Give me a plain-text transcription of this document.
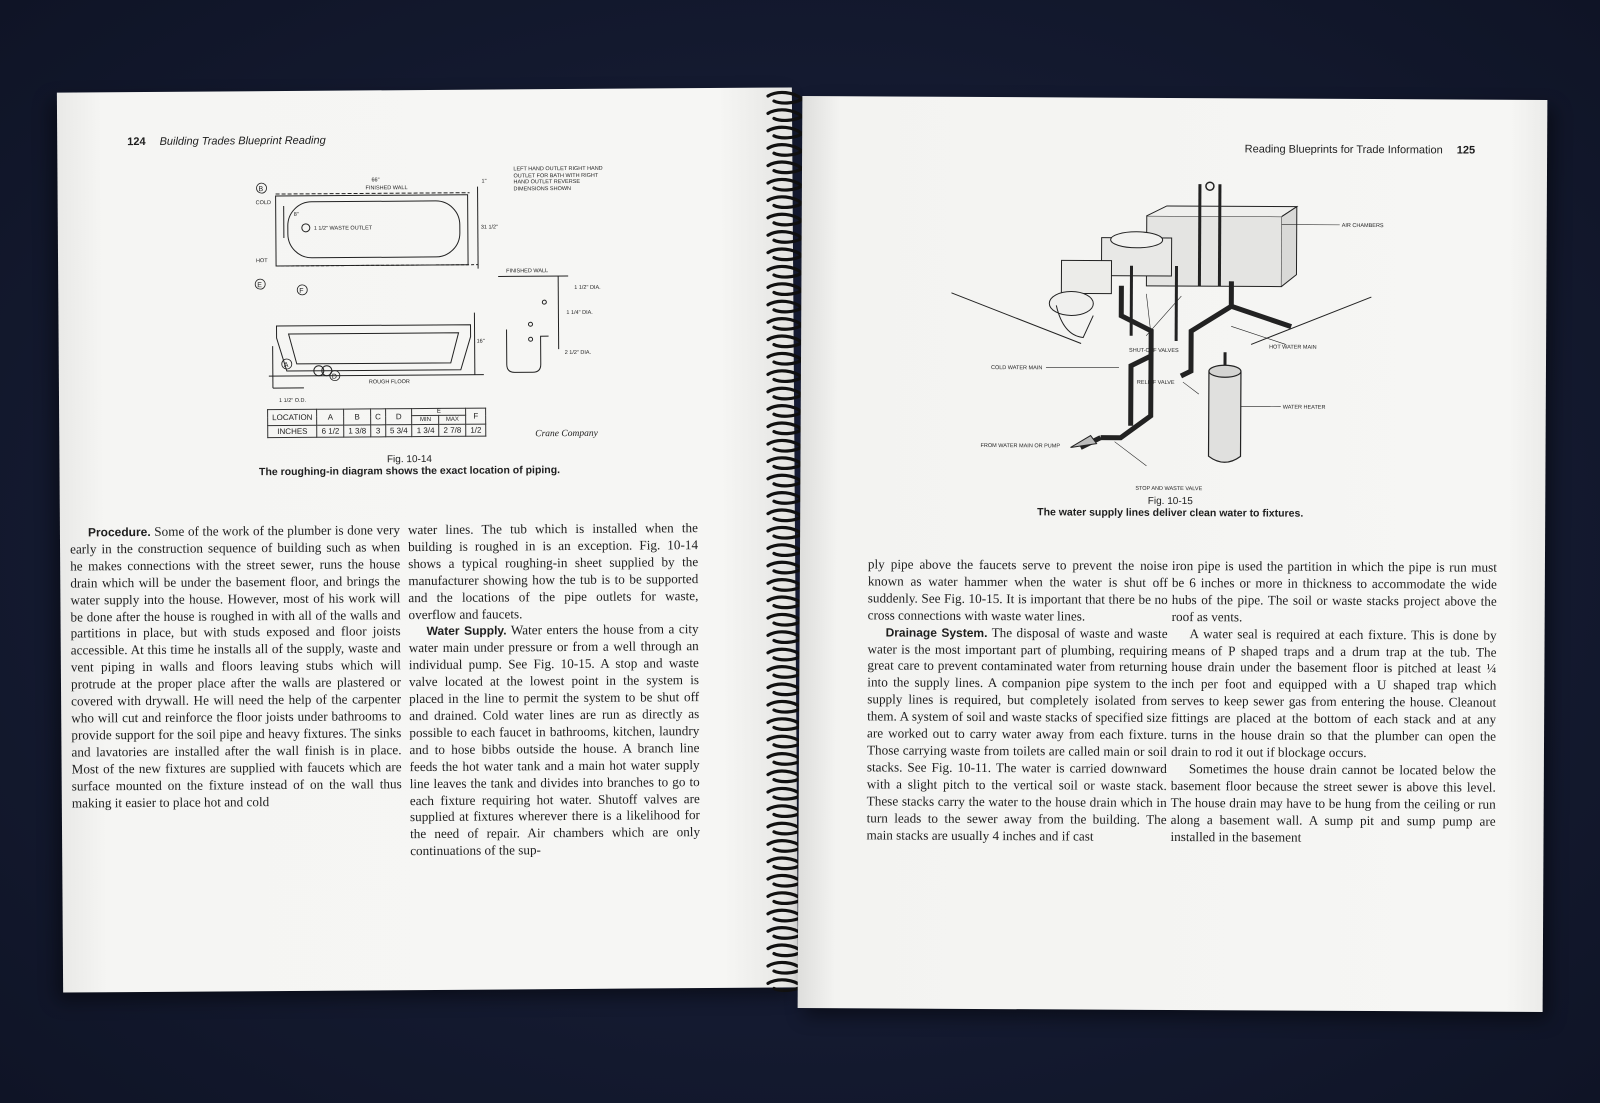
124 Building Trades Blueprint Reading
FINISHED WALL
66"
COLD
HOT
1 1/2" WASTE OUTLET	31 1/2"
8"
1"
LEFT HAND OUTLET RIGHT HAND OUTLET FOR BATH WITH RIGHT HAND OUTLET REVERSE DIMENSIONS SHOWN
FINISHED WALL
1 1/2" DIA.
1 1/4" DIA.
2 1/2" DIA.
16"
ROUGH FLOOR
1 1/2" O.D.
B
E
F
A
D
LOCATION	A	B	C	D	E		F
					MIN	MAX	
INCHES	6 1/2	1 3/8	3	5 3/4	1 3/4	2 7/8	1/2	Crane Company
Fig. 10-14
The roughing-in diagram shows the exact location of piping.

Procedure. Some of the work of the plumber is done very early in the construction sequence of building such as when he makes connections with the street sewer, runs the house drain which will be under the basement floor, and brings the water supply into the house. However, most of his work will be done after the house is roughed in with all of the walls and partitions in place, but with studs exposed and floor joists accessible. At this time he installs all of the supply, waste and vent piping in walls and floors leaving stubs which will protrude at the proper place after the walls are plastered or covered with drywall. He will need the help of the carpenter who will cut and reinforce the floor joists under bathrooms to provide support for the soil pipe and heavy fixtures. The sinks and lavatories are installed after the wall finish is in place. Most of the new fixtures are supplied with faucets which are surface mounted on the fixture instead of on the wall thus making it easier to place hot and cold

water lines. The tub which is installed when the building is roughed in is an exception. Fig. 10-14 shows a typical roughing-in sheet supplied by the manufacturer showing how the tub is to be supported and the locations of the pipe outlets for waste, overflow and faucets.

Water Supply. Water enters the house from a city water main under pressure or from a well through an individual pump. See Fig. 10-15. A stop and waste valve located at the lowest point in the system is placed in the line to permit the system to be shut off and drained. Cold water lines are run as directly as possible to each faucet in bathrooms, kitchen, laundry and to hose bibbs outside the house. A branch line feeds the hot water tank and a main hot water supply line leaves the tank and divides into branches to go to each fixture requiring hot water. Shutoff valves are supplied at fixtures wherever there is a likelihood for the need of repair. Air chambers which are only continuations of the sup-

Reading Blueprints for Trade Information 125
AIR CHAMBERS
SHUT-OFF VALVES
HOT WATER MAIN
COLD WATER MAIN
RELIEF VALVE
WATER HEATER
FROM WATER MAIN OR PUMP
STOP AND WASTE VALVE
Fig. 10-15
The water supply lines deliver clean water to fixtures.

ply pipe above the faucets serve to prevent the noise known as water hammer when the water is shut off suddenly. See Fig. 10-15. It is important that there be no cross connections with waste water lines.

Drainage System. The disposal of waste and waste water is the most important part of plumbing, requiring great care to prevent contaminated water from returning into the supply lines. A companion pipe system to the supply lines is required, but completely isolated from them. A system of soil and waste stacks of specified size are worked out to carry water away from each fixture. Those carrying waste from toilets are called main or soil stacks. See Fig. 10-11. The water is carried downward with a slight pitch to the vertical soil or waste stack. These stacks carry the water to the house drain which in turn leads to the sewer away from the building. The main stacks are usually 4 inches and if cast

iron pipe is used the partition in which the pipe is run must be 6 inches or more in thickness to accommodate the wide hubs of the pipe. The soil or waste stacks project above the roof as vents.

A water seal is required at each fixture. This is done by means of P shaped traps and a drum trap at the tub. The house drain under the basement floor is pitched at least ¼ inch per foot and equipped with a U shaped trap which serves to keep sewer gas from entering the house. Cleanout fittings are placed at the bottom of each stack and at any turns in the house drain so that the plumber can open the drain to rod it out if blockage occurs.

Sometimes the house drain cannot be located below the basement floor because the street sewer is above this level. The house drain may have to be hung from the ceiling or run along a basement wall. A sump pit and sump pump are installed in the basement
